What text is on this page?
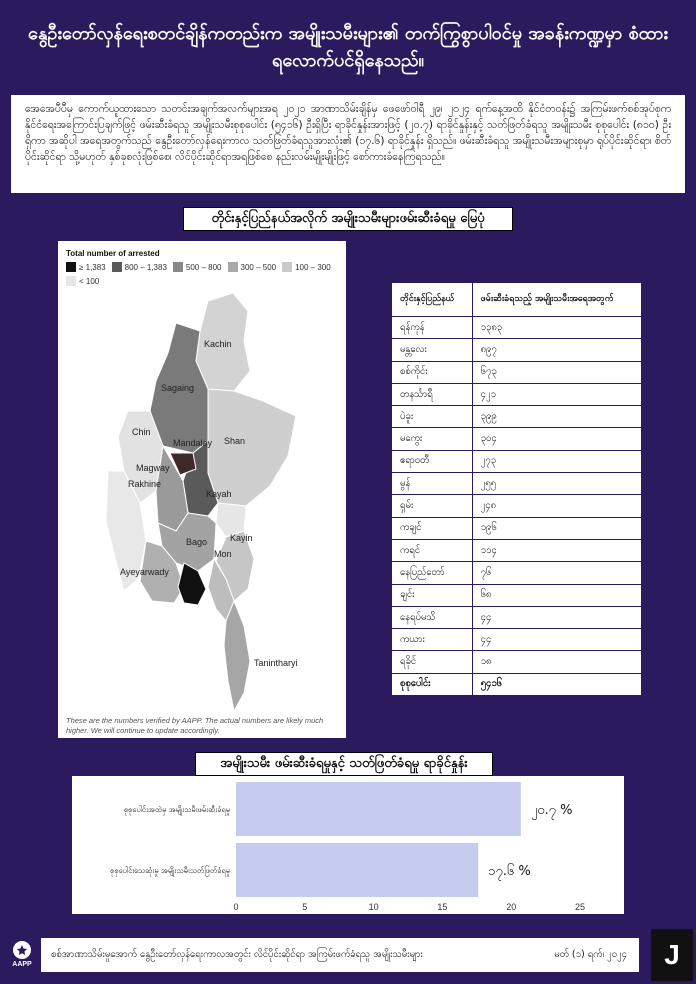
နွေဦးတော်လှန်ရေးစတင်ချိန်ကတည်းက အမျိုးသမီးများ၏ တက်ကြွစွာပါဝင်မှု အခန်းကဏ္ဍမှာ စံထားရလောက်ပင်ရှိနေသည်။
အေအေပီပီမှ ကောက်ယူထားသော သတင်းအချက်အလက်များအရ ၂၀၂၁ အာဏာသိမ်းချိန်မှ ဖေဖော်ဝါရီ ၂၉၊ ၂၀၂၄ ရက်နေ့အထိ နိုင်ငံတဝန်း၌ အကြမ်းဖက်စစ်အုပ်စုက နိုင်ငံရေးအကြောင်းပြချက်ဖြင့် ဖမ်းဆီးခံရသူ အမျိုးသမီးစုစုပေါင်း (၅၄၁၆) ဦးရှိပြီး ရာခိုင်နှုန်းအားဖြင့် (၂၀.၇) ရာခိုင်နှုန်းနှင့် သတ်ဖြတ်ခံရသူ အမျိုးသမီး စုစုပေါင်း (၈၁၀) ဦးရှိကာ အဆိုပါ အရေအတွက်သည် နွေဦးတော်လှန်ရေးကာလ သတ်ဖြတ်ခံရသူအားလုံး၏ (၁၇.၆) ရာခိုင်နှုန်း ရှိသည်။ ဖမ်းဆီးခံရသူ အမျိုးသမီးအများစုမှာ ရုပ်ပိုင်းဆိုင်ရာ၊ စိတ်ပိုင်းဆိုင်ရာ သို့မဟုတ် နှစ်ခုစလုံးဖြစ်စေ၊ လိင်ပိုင်းဆိုင်ရာအရဖြစ်စေ နည်းလမ်းမျိုးမျိုးဖြင့် စော်ကားခံနေကြရသည်။
တိုင်းနှင့်ပြည်နယ်အလိုက် အမျိုးသမီးများဖမ်းဆီးခံရမှု မြေပုံ
Total number of arrested
≥ 1,383 800 – 1,383 500 – 800 300 – 500 100 – 300
< 100
Kachin
Sagaing
Chin
Mandalay Shan
Magway
Rakhine
Kayah
Bago	Kayin
Ayeyarwady
Mon
Tanintharyi
These are the numbers verified by AAPP. The actual numbers are likely much higher. We will continue to update accordingly.
တိုင်းနှင့်ပြည်နယ်	ဖမ်းဆီးခံရသည့် အမျိုးသမီးအရေအတွက်
ရန်ကုန်	၁၃၈၃
မန္တလေး	၈၉၇
စစ်ကိုင်း	၆၇၃
တနင်္သာရီ	၄၂၁
ပဲခူး	၃၉၉
မကွေး	၃၀၄
ဧရာဝတီ	၂၇၃
မွန်	၂၅၅
ရှမ်း	၂၄၈
ကချင်	၁၉၆
ကရင်	၁၁၄
နေပြည်တော်	၇၆
ချင်း	၆၈
နေရပ်မသိ	၄၄
ကယား	၄၄
ရခိုင်	၁၈
စုစုပေါင်း	၅၄၁၆
အမျိုးသမီး ဖမ်းဆီးခံရမှုနှင့် သတ်ဖြတ်ခံရမှု ရာခိုင်နှုန်း
စုစုပေါင်းအထဲမှ အမျိုးသမီးဖမ်းဆီးခံရမှု	၂၀.၇ %
စုစုပေါင်းသေဆုံးမှု အမျိုးသမီးသတ်ဖြတ်ခံရမှု	၁၇.၆ %
0	5	10	15	20	25
AAPP
စစ်အာဏာသိမ်းမှုအောက် နွေဦးတော်လှန်ရေးကာလအတွင်း လိင်ပိုင်းဆိုင်ရာ အကြမ်းဖက်ခံရသူ အမျိုးသမီးများ	မတ် (၁) ရက်၊ ၂၀၂၄	J
